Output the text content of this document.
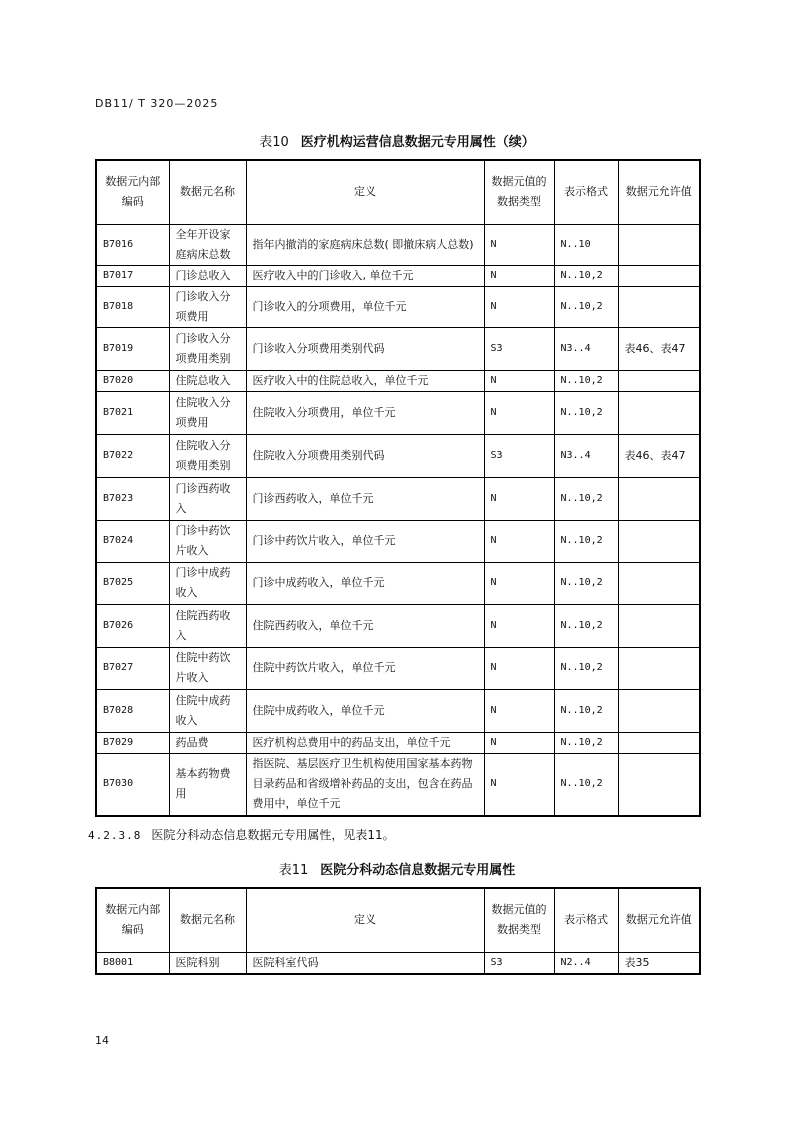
DB11/ T 320—2025
表10 医疗机构运营信息数据元专用属性（续）
数据元内部编码	数据元名称	定义	数据元值的数据类型	表示格式	数据元允许值
B7016	全年开设家庭病床总数	指年内撤消的家庭病床总数( 即撤床病人总数)	N	N..10	
B7017	门诊总收入	医疗收入中的门诊收入, 单位千元	N	N..10,2	
B7018	门诊收入分项费用	门诊收入的分项费用，单位千元	N	N..10,2	
B7019	门诊收入分项费用类别	门诊收入分项费用类别代码	S3	N3..4	表46、表47
B7020	住院总收入	医疗收入中的住院总收入，单位千元	N	N..10,2	
B7021	住院收入分项费用	住院收入分项费用，单位千元	N	N..10,2	
B7022	住院收入分项费用类别	住院收入分项费用类别代码	S3	N3..4	表46、表47
B7023	门诊西药收入	门诊西药收入，单位千元	N	N..10,2	
B7024	门诊中药饮片收入	门诊中药饮片收入，单位千元	N	N..10,2	
B7025	门诊中成药收入	门诊中成药收入，单位千元	N	N..10,2	
B7026	住院西药收入	住院西药收入，单位千元	N	N..10,2	
B7027	住院中药饮片收入	住院中药饮片收入，单位千元	N	N..10,2	
B7028	住院中成药收入	住院中成药收入，单位千元	N	N..10,2	
B7029	药品费	医疗机构总费用中的药品支出，单位千元	N	N..10,2	
B7030	基本药物费用	指医院、基层医疗卫生机构使用国家基本药物目录药品和省级增补药品的支出，包含在药品费用中，单位千元	N	N..10,2	
4.2.3.8 医院分科动态信息数据元专用属性，见表11。
表11 医院分科动态信息数据元专用属性
数据元内部编码	数据元名称	定义	数据元值的数据类型	表示格式	数据元允许值
B8001	医院科别	医院科室代码	S3	N2..4	表35
14
